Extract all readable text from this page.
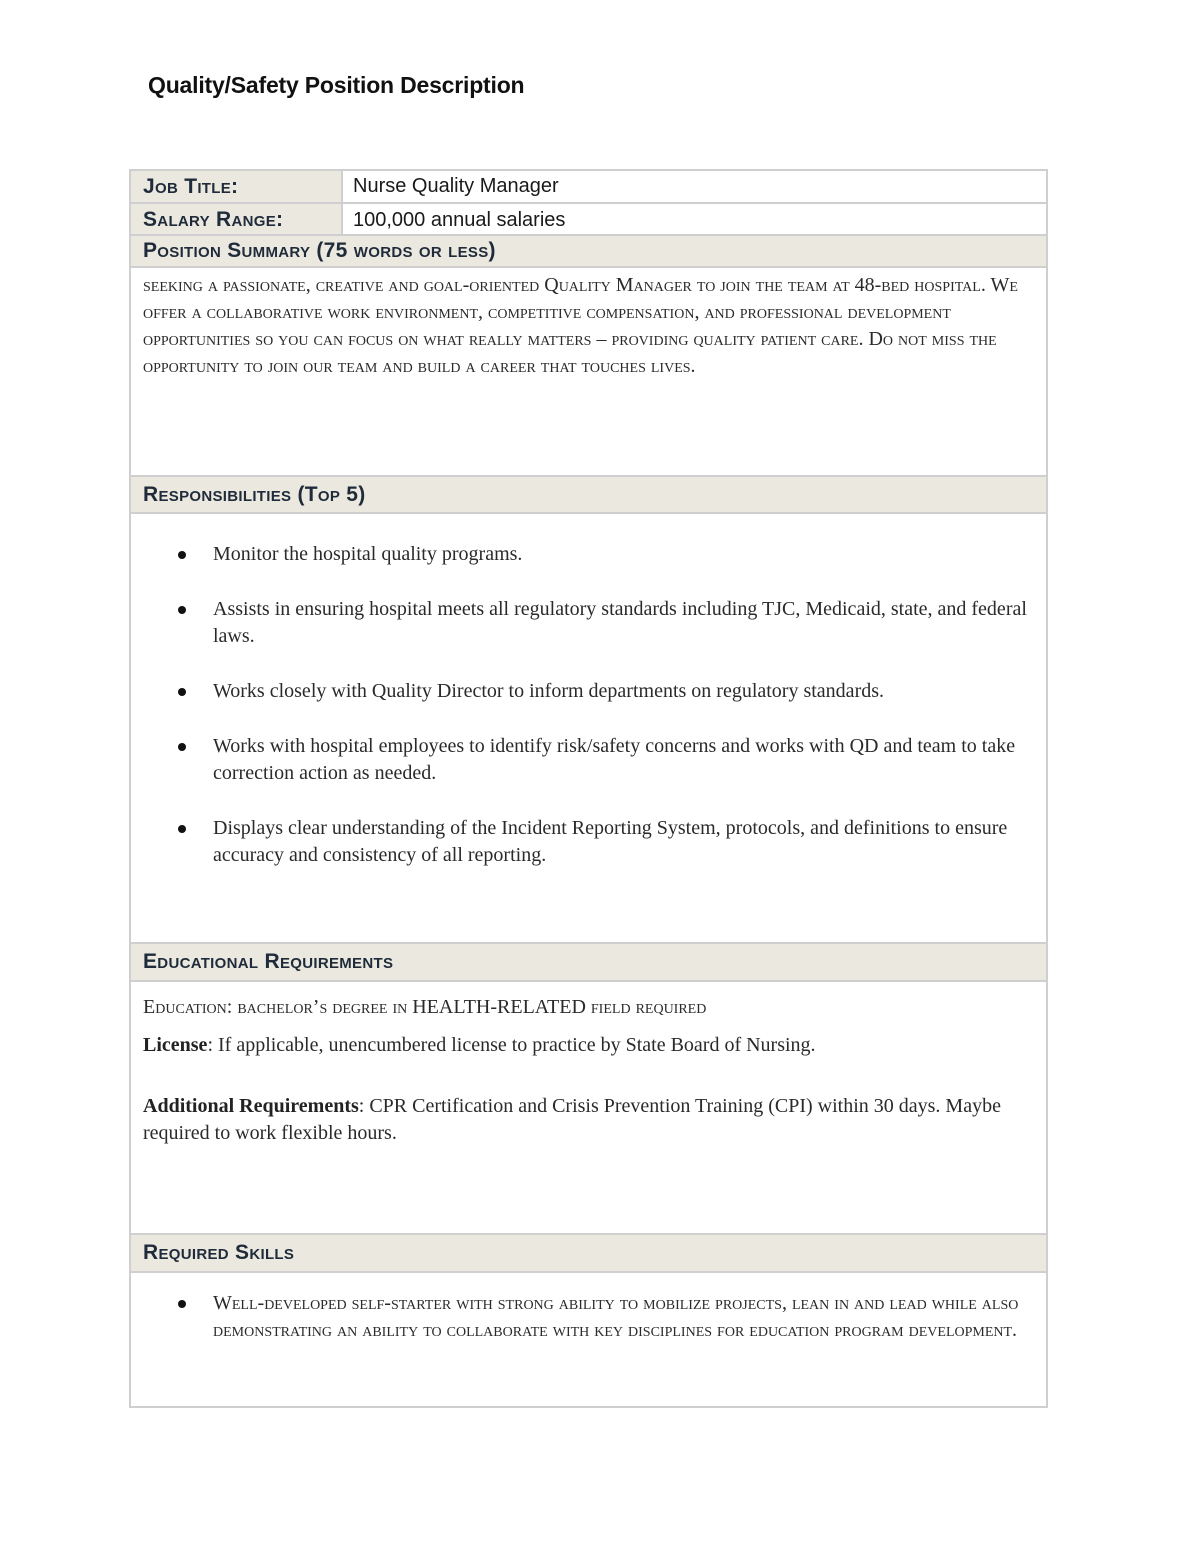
Quality/Safety Position Description
Job Title:	Nurse Quality Manager
Salary Range:	100,000 annual salaries
Position Summary (75 words or less)
seeking a passionate, creative and goal-oriented Quality Manager to join the team at 48-bed hospital. We offer a collaborative work environment, competitive compensation, and professional development opportunities so you can focus on what really matters – providing quality patient care. Do not miss the opportunity to join our team and build a career that touches lives.
Responsibilities (Top 5)
Monitor the hospital quality programs.
Assists in ensuring hospital meets all regulatory standards including TJC, Medicaid, state, and federal laws.
Works closely with Quality Director to inform departments on regulatory standards.
Works with hospital employees to identify risk/safety concerns and works with QD and team to take correction action as needed.
Displays clear understanding of the Incident Reporting System, protocols, and definitions to ensure accuracy and consistency of all reporting.
Educational Requirements
Education: bachelor’s degree in HEALTH-RELATED field required
License: If applicable, unencumbered license to practice by State Board of Nursing.
Additional Requirements: CPR Certification and Crisis Prevention Training (CPI) within 30 days. Maybe required to work flexible hours.
Required Skills
Well-developed self-starter with strong ability to mobilize projects, lean in and lead while also demonstrating an ability to collaborate with key disciplines for education program development.
